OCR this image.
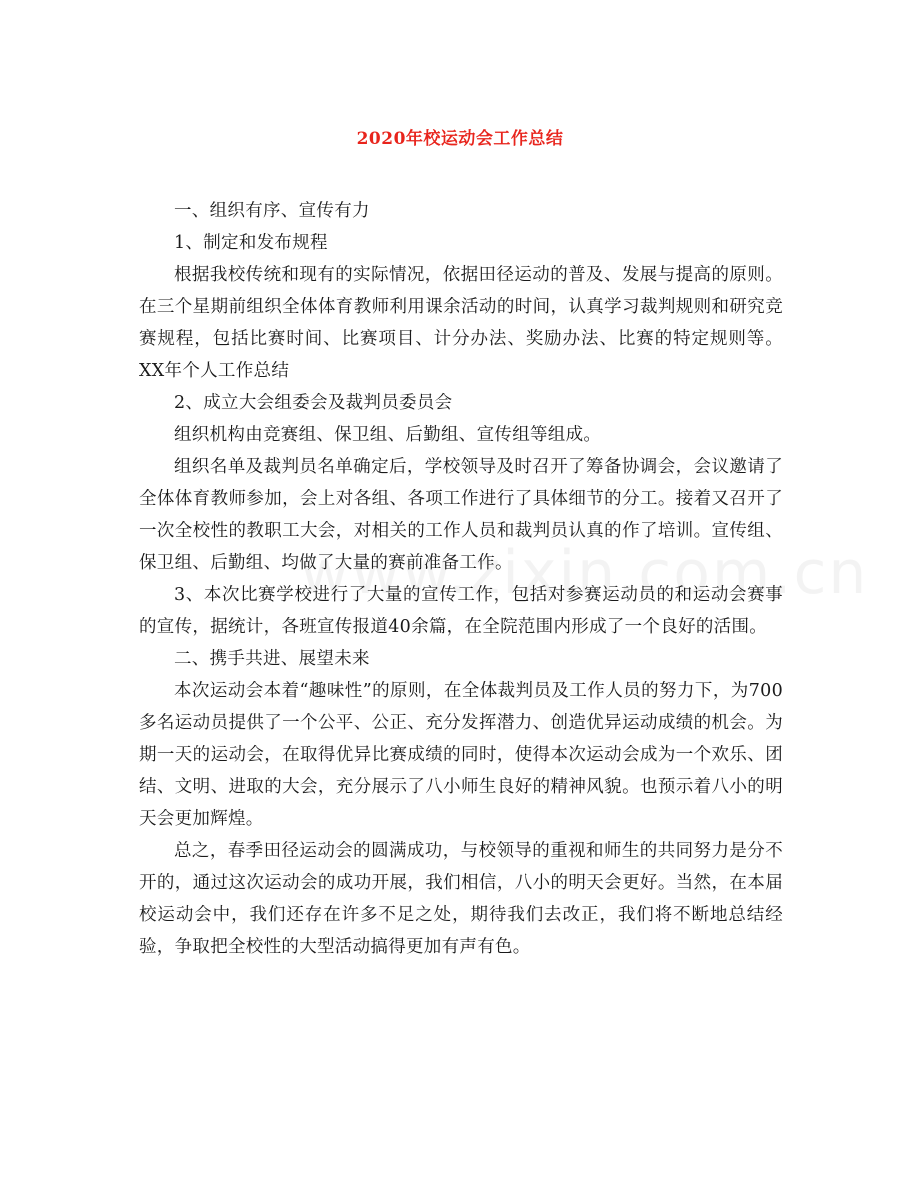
2020年校运动会工作总结

一、组织有序、宣传有力

1、制定和发布规程

根据我校传统和现有的实际情况，依据田径运动的普及、发展与提高的原则。在三个星期前组织全体体育教师利用课余活动的时间，认真学习裁判规则和研究竞赛规程，包括比赛时间、比赛项目、计分办法、奖励办法、比赛的特定规则等。XX年个人工作总结

2、成立大会组委会及裁判员委员会

组织机构由竞赛组、保卫组、后勤组、宣传组等组成。

组织名单及裁判员名单确定后，学校领导及时召开了筹备协调会，会议邀请了全体体育教师参加，会上对各组、各项工作进行了具体细节的分工。接着又召开了一次全校性的教职工大会，对相关的工作人员和裁判员认真的作了培训。宣传组、保卫组、后勤组、均做了大量的赛前准备工作。

3、本次比赛学校进行了大量的宣传工作，包括对参赛运动员的和运动会赛事的宣传，据统计，各班宣传报道40余篇，在全院范围内形成了一个良好的活围。

二、携手共进、展望未来

本次运动会本着“趣味性”的原则，在全体裁判员及工作人员的努力下，为700多名运动员提供了一个公平、公正、充分发挥潜力、创造优异运动成绩的机会。为期一天的运动会，在取得优异比赛成绩的同时，使得本次运动会成为一个欢乐、团结、文明、进取的大会，充分展示了八小师生良好的精神风貌。也预示着八小的明天会更加辉煌。

总之，春季田径运动会的圆满成功，与校领导的重视和师生的共同努力是分不开的，通过这次运动会的成功开展，我们相信，八小的明天会更好。当然，在本届校运动会中，我们还存在许多不足之处，期待我们去改正，我们将不断地总结经验，争取把全校性的大型活动搞得更加有声有色。
